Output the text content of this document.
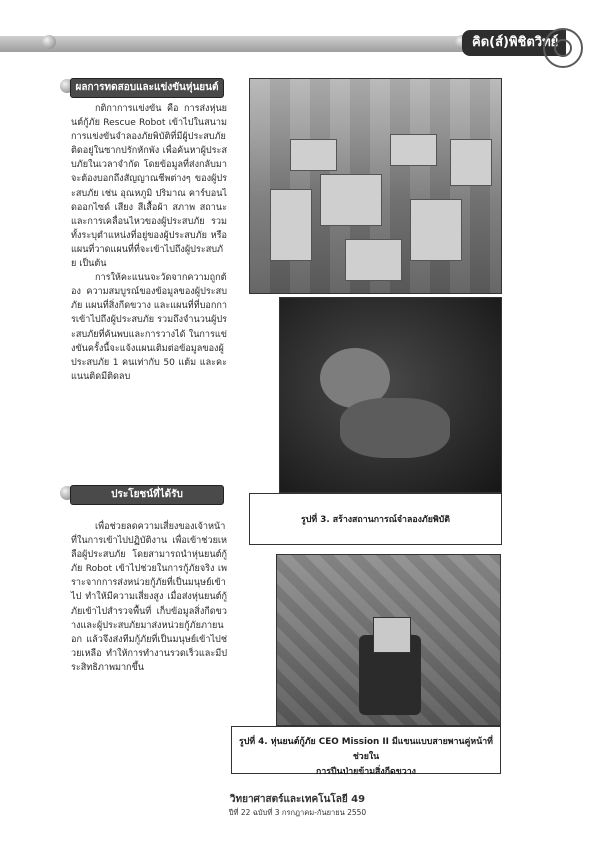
คิด(ส์)พิชิตวิทย์
ผลการทดสอบและแข่งขันหุ่นยนต์

กติกาการแข่งขัน คือ การส่งหุ่นยนต์กู้ภัย Rescue Robot เข้าไปในสนามการแข่งขันจำลองภัยพิบัติที่มีผู้ประสบภัยติดอยู่ในซากปรักหักพัง เพื่อค้นหาผู้ประสบภัยในเวลาจำกัด โดยข้อมูลที่ส่งกลับมาจะต้องบอกถึงสัญญาณชีพต่างๆ ของผู้ประสบภัย เช่น อุณหภูมิ ปริมาณ คาร์บอนไดออกไซด์ เสียง สีเสื้อผ้า สภาพ สถานะ และการเคลื่อนไหวของผู้ประสบภัย รวมทั้งระบุตำแหน่งที่อยู่ของผู้ประสบภัย หรือแผนที่วาดแผนที่ที่จะเข้าไปถึงผู้ประสบภัย เป็นต้น

การให้คะแนนจะวัดจากความถูกต้อง ความสมบูรณ์ของข้อมูลของผู้ประสบภัย แผนที่สิ่งกีดขวาง และแผนที่ที่บอกการเข้าไปถึงผู้ประสบภัย รวมถึงจำนวนผู้ประสบภัยที่ค้นพบและการวางได้ ในการแข่งขันครั้งนี้จะแจ้งแผนเติมต่อข้อมูลของผู้ประสบภัย 1 คนเท่ากับ 50 แต้ม และคะแนนติดมีติดลบ

ประโยชน์ที่ได้รับ

เพื่อช่วยลดความเสี่ยงของเจ้าหน้าที่ในการเข้าไปปฏิบัติงาน เพื่อเข้าช่วยเหลือผู้ประสบภัย โดยสามารถนำหุ่นยนต์กู้ภัย Robot เข้าไปช่วยในการกู้ภัยจริง เพราะจากการส่งหน่วยกู้ภัยที่เป็นมนุษย์เข้าไป ทำให้มีความเสี่ยงสูง เมื่อส่งหุ่นยนต์กู้ภัยเข้าไปสำรวจพื้นที่ เก็บข้อมูลสิ่งกีดขวางและผู้ประสบภัยมาส่งหน่วยกู้ภัยภายนอก แล้วจึงส่งทีมกู้ภัยที่เป็นมนุษย์เข้าไปช่วยเหลือ ทำให้การทำงานรวดเร็วและมีประสิทธิภาพมากขึ้น

รูปที่ 3. สร้างสถานการณ์จำลองภัยพิบัติ
รูปที่ 4. หุ่นยนต์กู้ภัย CEO Mission II มีแขนแบบสายพานคู่หน้าที่ช่วยใน
การปีนป่ายข้ามสิ่งกีดขวาง
วิทยาศาสตร์และเทคโนโลยี 49
ปีที่ 22 ฉบับที่ 3 กรกฎาคม-กันยายน 2550
